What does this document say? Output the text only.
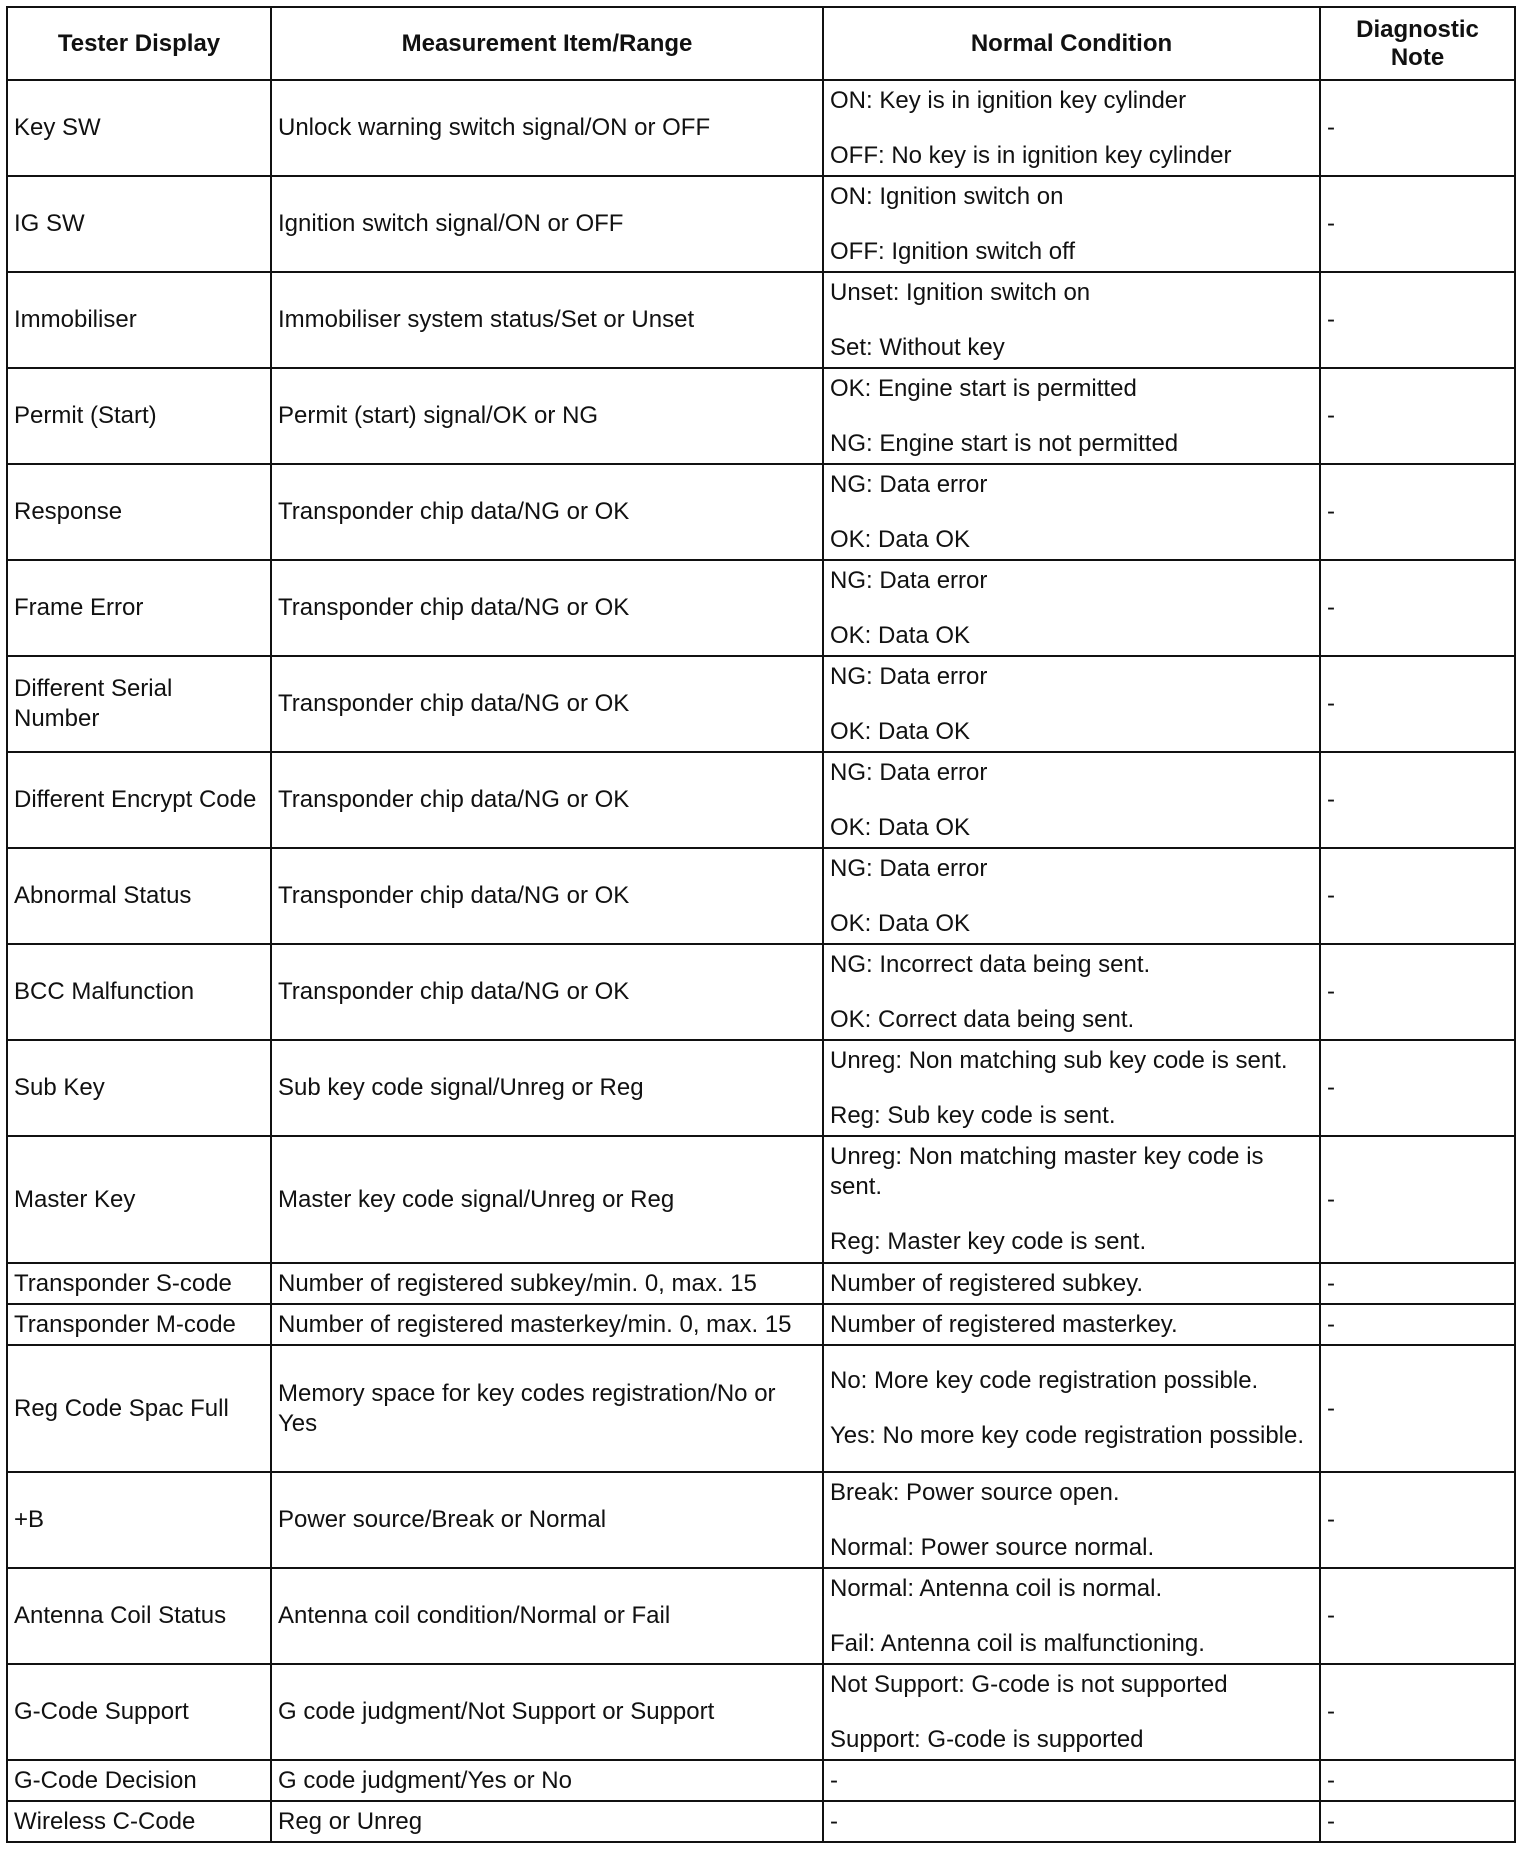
Tester Display	Measurement Item/Range	Normal Condition	Diagnostic
Note
Key SW	Unlock warning switch signal/ON or OFF	ON: Key is in ignition key cylinder
OFF: No key is in ignition key cylinder	-
IG SW	Ignition switch signal/ON or OFF	ON: Ignition switch on
OFF: Ignition switch off	-
Immobiliser	Immobiliser system status/Set or Unset	Unset: Ignition switch on
Set: Without key	-
Permit (Start)	Permit (start) signal/OK or NG	OK: Engine start is permitted
NG: Engine start is not permitted	-
Response	Transponder chip data/NG or OK	NG: Data error
OK: Data OK	-
Frame Error	Transponder chip data/NG or OK	NG: Data error
OK: Data OK	-
Different Serial Number	Transponder chip data/NG or OK	NG: Data error
OK: Data OK	-
Different Encrypt Code	Transponder chip data/NG or OK	NG: Data error
OK: Data OK	-
Abnormal Status	Transponder chip data/NG or OK	NG: Data error
OK: Data OK	-
BCC Malfunction	Transponder chip data/NG or OK	NG: Incorrect data being sent.
OK: Correct data being sent.	-
Sub Key	Sub key code signal/Unreg or Reg	Unreg: Non matching sub key code is sent.
Reg: Sub key code is sent.	-
Master Key	Master key code signal/Unreg or Reg	Unreg: Non matching master key code is sent.
Reg: Master key code is sent.	-
Transponder S-code	Number of registered subkey/min. 0, max. 15	Number of registered subkey.	-
Transponder M-code	Number of registered masterkey/min. 0, max. 15	Number of registered masterkey.	-
Reg Code Spac Full	Memory space for key codes registration/No or Yes	No: More key code registration possible.
Yes: No more key code registration possible.	-
+B	Power source/Break or Normal	Break: Power source open.
Normal: Power source normal.	-
Antenna Coil Status	Antenna coil condition/Normal or Fail	Normal: Antenna coil is normal.
Fail: Antenna coil is malfunctioning.	-
G-Code Support	G code judgment/Not Support or Support	Not Support: G-code is not supported
Support: G-code is supported	-
G-Code Decision	G code judgment/Yes or No	-	-
Wireless C-Code	Reg or Unreg	-	-
